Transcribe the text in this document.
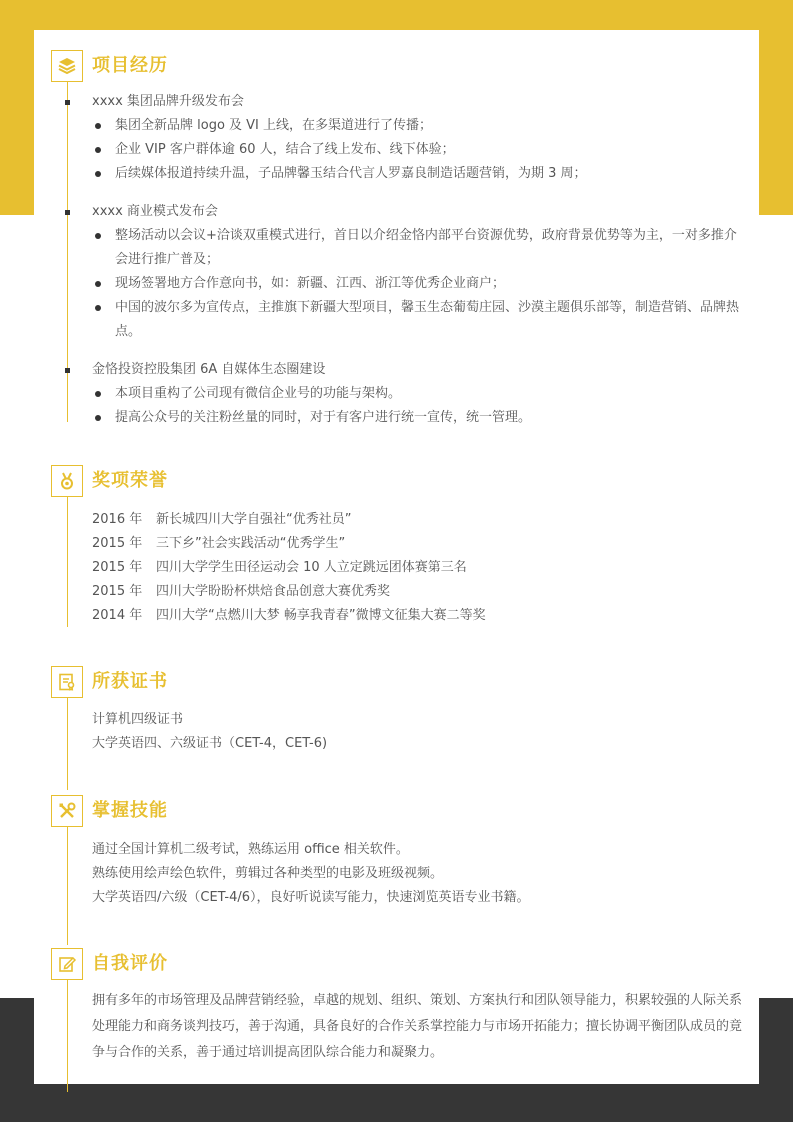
项目经历
xxxx 集团品牌升级发布会
集团全新品牌 logo 及 VI 上线，在多渠道进行了传播；
企业 VIP 客户群体逾 60 人，结合了线上发布、线下体验；
后续媒体报道持续升温，子品牌馨玉结合代言人罗嘉良制造话题营销，为期 3 周；
xxxx 商业模式发布会
整场活动以会议+洽谈双重模式进行，首日以介绍金恪内部平台资源优势，政府背景优势等为主，一对多推介会进行推广普及；
现场签署地方合作意向书，如：新疆、江西、浙江等优秀企业商户；
中国的波尔多为宣传点，主推旗下新疆大型项目，馨玉生态葡萄庄园、沙漠主题俱乐部等，制造营销、品牌热点。
金恪投资控股集团 6A 自媒体生态圈建设
本项目重构了公司现有微信企业号的功能与架构。
提高公众号的关注粉丝量的同时，对于有客户进行统一宣传，统一管理。
奖项荣誉
2016 年	新长城四川大学自强社“优秀社员”
2015 年	三下乡”社会实践活动“优秀学生”
2015 年	四川大学学生田径运动会 10 人立定跳远团体赛第三名
2015 年	四川大学盼盼杯烘焙食品创意大赛优秀奖
2014 年	四川大学“点燃川大梦 畅享我青春”微博文征集大赛二等奖
所获证书
计算机四级证书
大学英语四、六级证书（CET-4，CET-6)
掌握技能
通过全国计算机二级考试，熟练运用 office 相关软件。
熟练使用绘声绘色软件，剪辑过各种类型的电影及班级视频。
大学英语四/六级（CET-4/6），良好听说读写能力，快速浏览英语专业书籍。
自我评价
拥有多年的市场管理及品牌营销经验，卓越的规划、组织、策划、方案执行和团队领导能力，积累较强的人际关系处理能力和商务谈判技巧，善于沟通，具备良好的合作关系掌控能力与市场开拓能力；擅长协调平衡团队成员的竟争与合作的关系，善于通过培训提高团队综合能力和凝聚力。
